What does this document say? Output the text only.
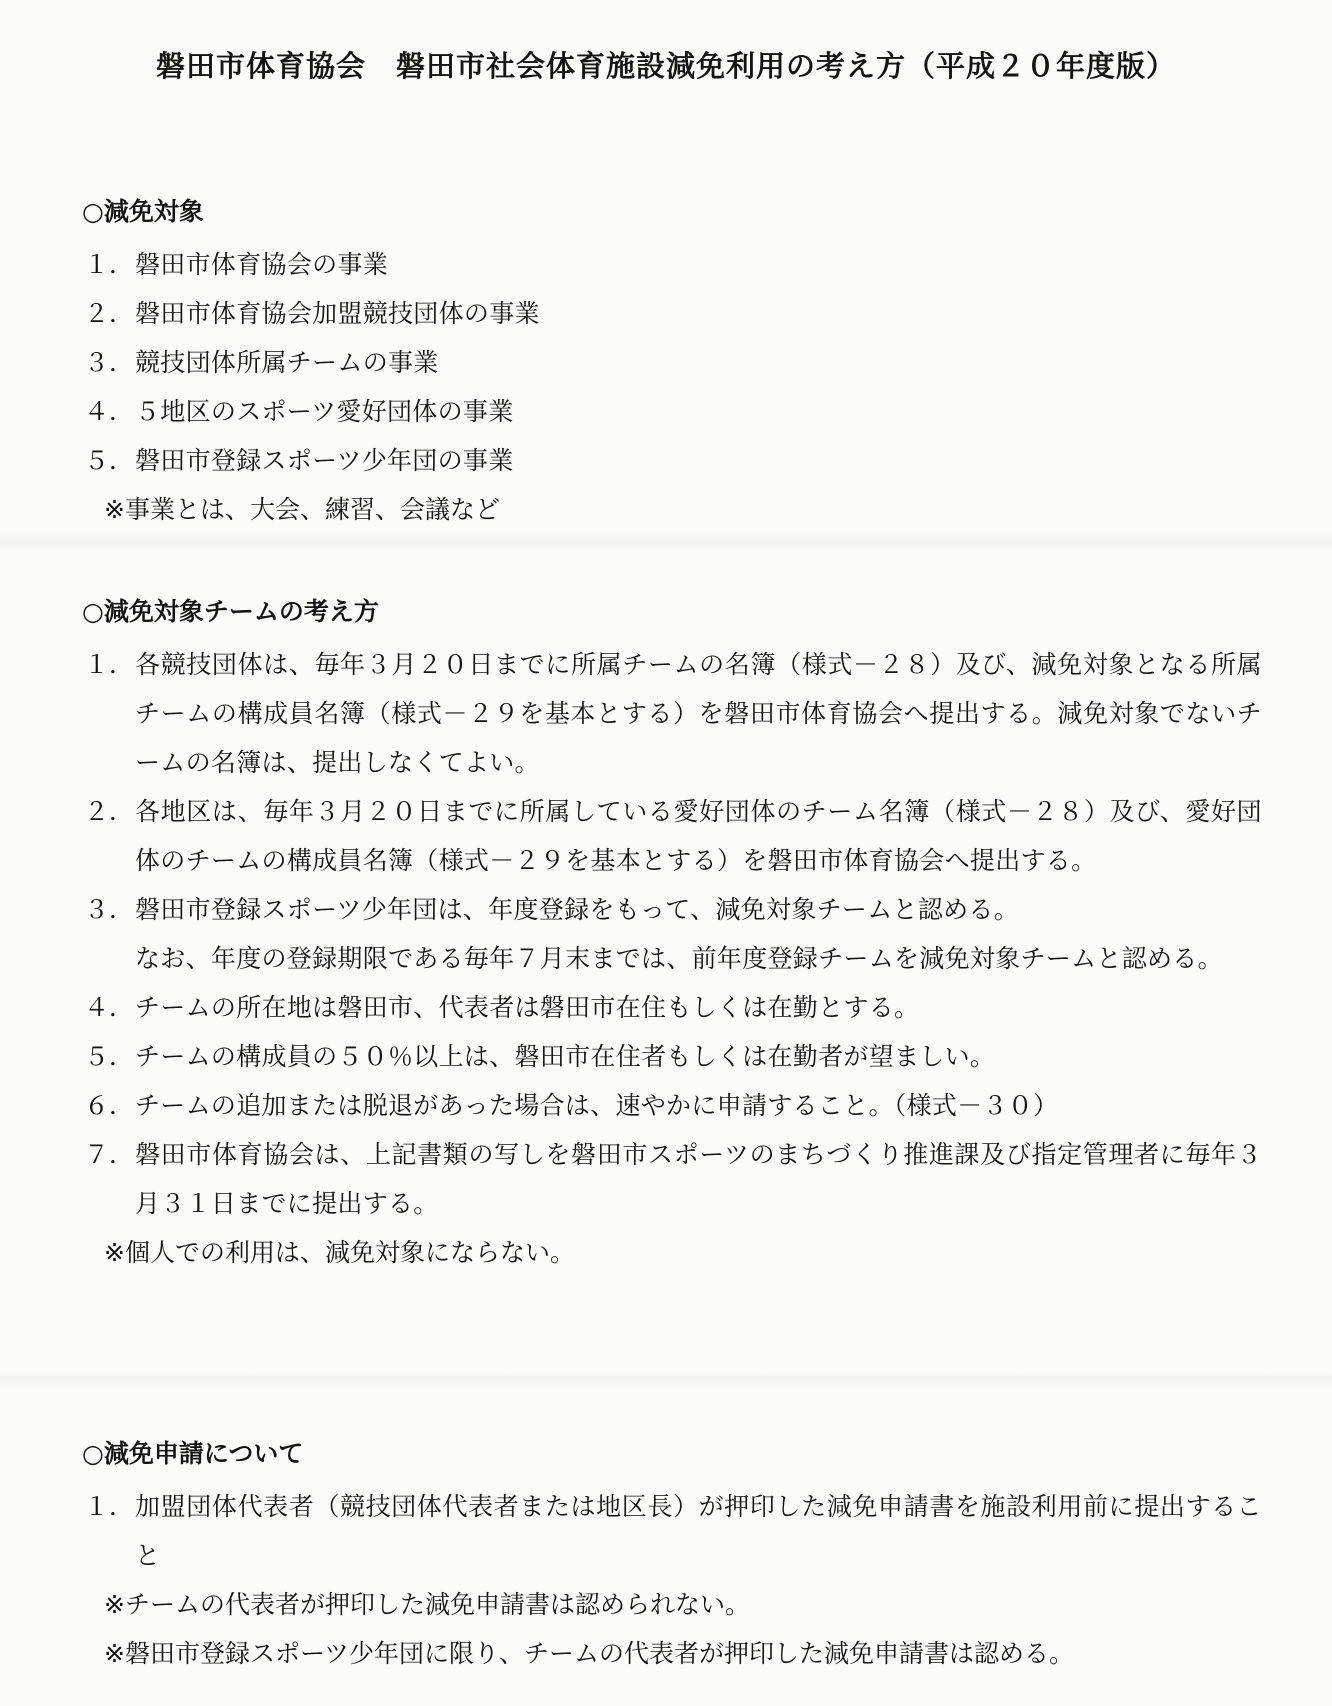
磐田市体育協会　磐田市社会体育施設減免利用の考え方（平成２０年度版）
○減免対象
１． 磐田市体育協会の事業
２． 磐田市体育協会加盟競技団体の事業
３． 競技団体所属チームの事業
４． ５地区のスポーツ愛好団体の事業
５． 磐田市登録スポーツ少年団の事業
※事業とは、大会、練習、会議など
○減免対象チームの考え方
１． 各競技団体は、毎年３月２０日までに所属チームの名簿（様式－２８）及び、減免対象となる所属チームの構成員名簿（様式－２９を基本とする）を磐田市体育協会へ提出する。減免対象でないチームの名簿は、提出しなくてよい。
２． 各地区は、毎年３月２０日までに所属している愛好団体のチーム名簿（様式－２８）及び、愛好団体のチームの構成員名簿（様式－２９を基本とする）を磐田市体育協会へ提出する。
３． 磐田市登録スポーツ少年団は、年度登録をもって、減免対象チームと認める。
なお、年度の登録期限である毎年７月末までは、前年度登録チームを減免対象チームと認める。
４． チームの所在地は磐田市、代表者は磐田市在住もしくは在勤とする。
５． チームの構成員の５０％以上は、磐田市在住者もしくは在勤者が望ましい。
６． チームの追加または脱退があった場合は、速やかに申請すること。（様式－３０）
７． 磐田市体育協会は、上記書類の写しを磐田市スポーツのまちづくり推進課及び指定管理者に毎年３月３１日までに提出する。
※個人での利用は、減免対象にならない。
○減免申請について
１． 加盟団体代表者（競技団体代表者または地区長）が押印した減免申請書を施設利用前に提出すること
※チームの代表者が押印した減免申請書は認められない。
※磐田市登録スポーツ少年団に限り、チームの代表者が押印した減免申請書は認める。
